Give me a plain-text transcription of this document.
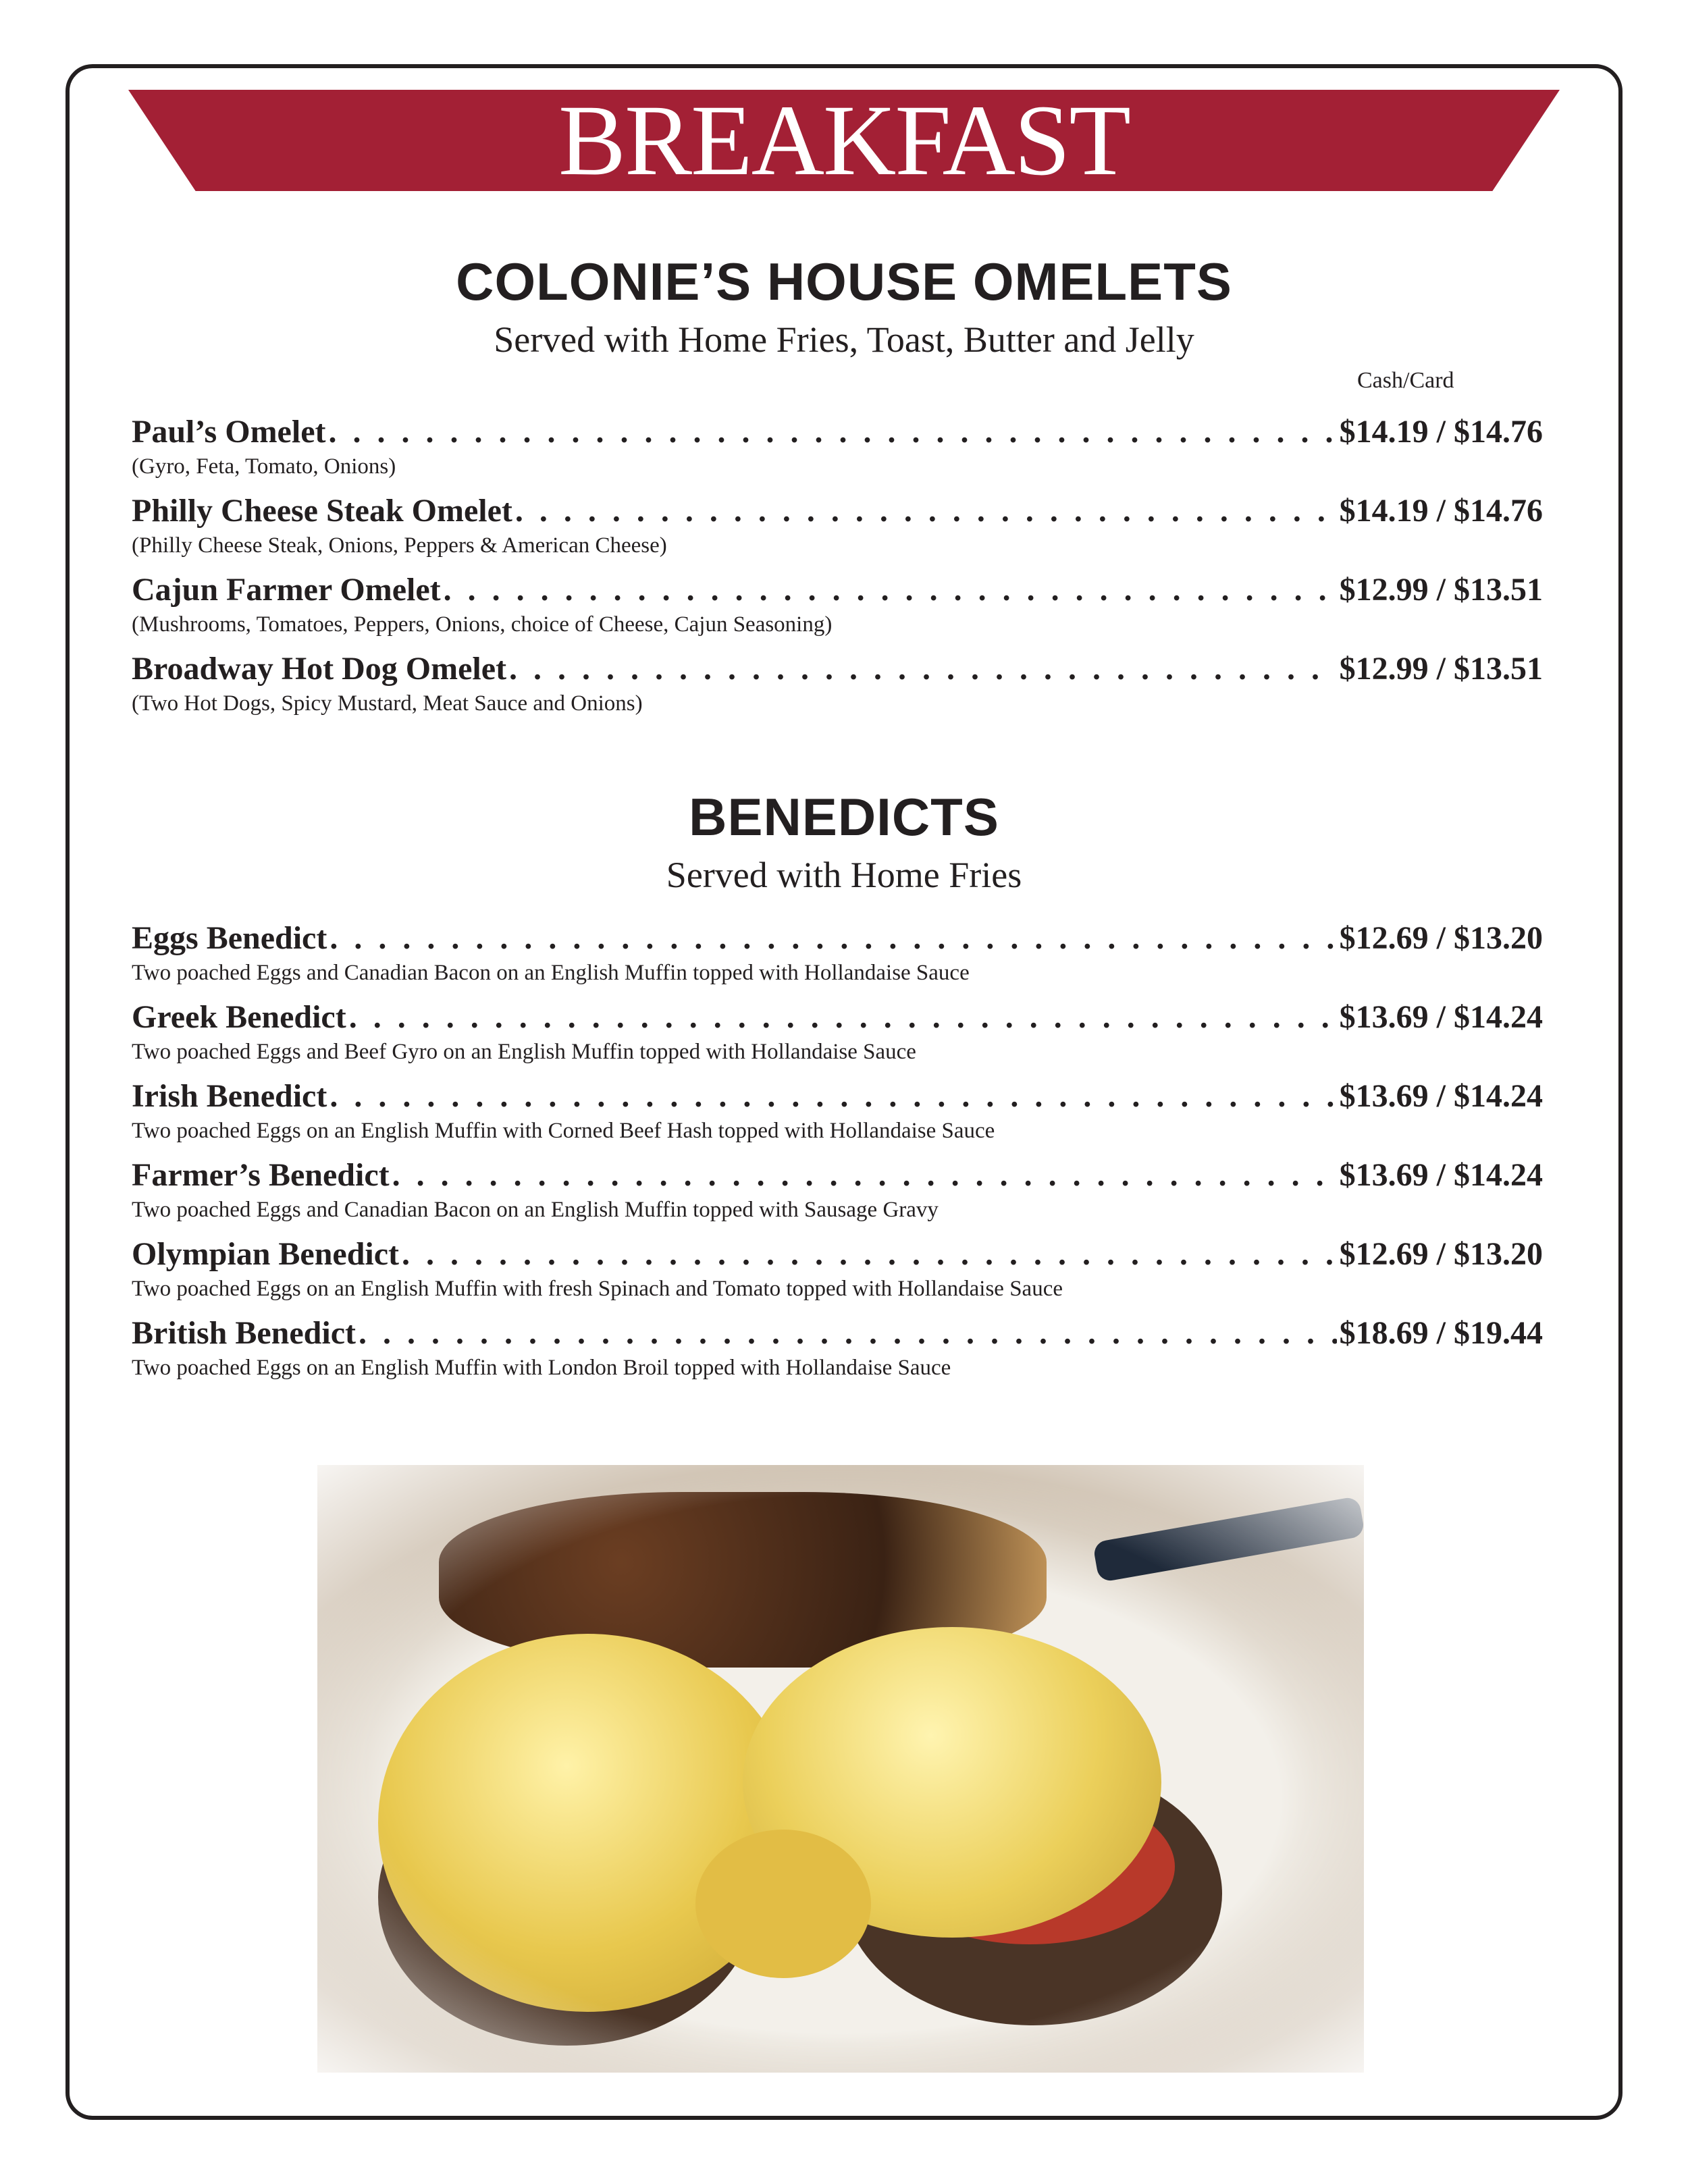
BREAKFAST
COLONIE’S HOUSE OMELETS
Served with Home Fries, Toast, Butter and Jelly
Cash/Card
Paul’s Omelet . . .	$14.19 / $14.76
(Gyro, Feta, Tomato, Onions)
Philly Cheese Steak Omelet . . .	$14.19 / $14.76
(Philly Cheese Steak, Onions, Peppers & American Cheese)
Cajun Farmer Omelet . . .	$12.99 / $13.51
(Mushrooms, Tomatoes, Peppers, Onions, choice of Cheese, Cajun Seasoning)
Broadway Hot Dog Omelet . . .	$12.99 / $13.51
(Two Hot Dogs, Spicy Mustard, Meat Sauce and Onions)
BENEDICTS
Served with Home Fries
Eggs Benedict . . .	$12.69 / $13.20
Two poached Eggs and Canadian Bacon on an English Muffin topped with Hollandaise Sauce
Greek Benedict . . .	$13.69 / $14.24
Two poached Eggs and Beef Gyro on an English Muffin topped with Hollandaise Sauce
Irish Benedict . . .	$13.69 / $14.24
Two poached Eggs on an English Muffin with Corned Beef Hash topped with Hollandaise Sauce
Farmer’s Benedict . . .	$13.69 / $14.24
Two poached Eggs and Canadian Bacon on an English Muffin topped with Sausage Gravy
Olympian Benedict . . .	$12.69 / $13.20
Two poached Eggs on an English Muffin with fresh Spinach and Tomato topped with Hollandaise Sauce
British Benedict . . .	$18.69 / $19.44
Two poached Eggs on an English Muffin with London Broil topped with Hollandaise Sauce
